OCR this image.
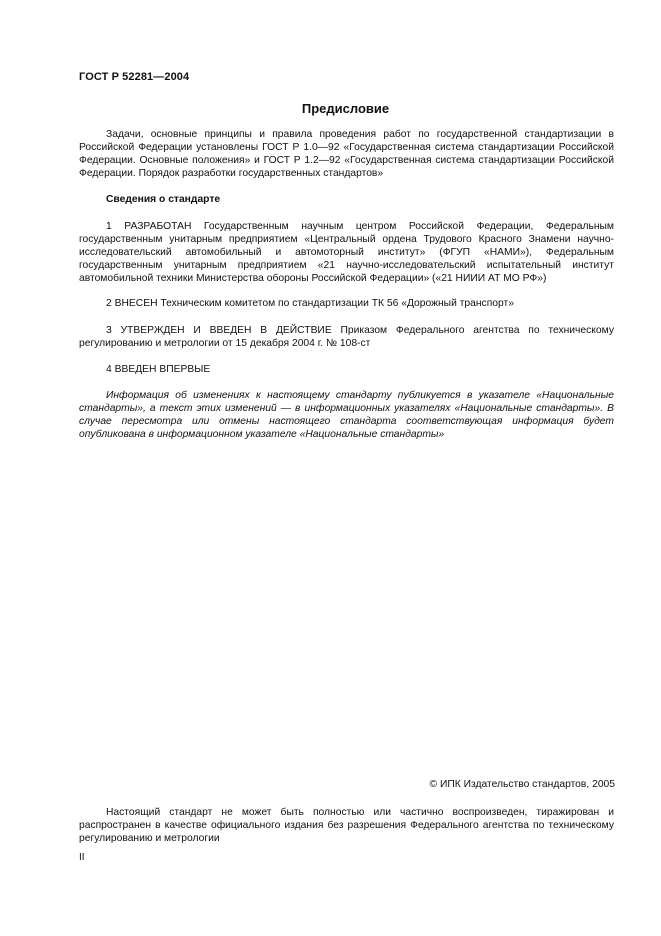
ГОСТ Р 52281—2004
Предисловие

Задачи, основные принципы и правила проведения работ по государственной стандартизации в Российской Федерации установлены ГОСТ Р 1.0—92 «Государственная система стандартизации Российской Федерации. Основные положения» и ГОСТ Р 1.2—92 «Государственная система стандартизации Российской Федерации. Порядок разработки государственных стандартов»

Сведения о стандарте

1 РАЗРАБОТАН Государственным научным центром Российской Федерации, Федеральным государственным унитарным предприятием «Центральный ордена Трудового Красного Знамени научно-исследовательский автомобильный и автомоторный институт» (ФГУП «НАМИ»), Федеральным государственным унитарным предприятием «21 научно-исследовательский испытательный институт автомобильной техники Министерства обороны Российской Федерации» («21 НИИИ АТ МО РФ»)

2 ВНЕСЕН Техническим комитетом по стандартизации ТК 56 «Дорожный транспорт»

3 УТВЕРЖДЕН И ВВЕДЕН В ДЕЙСТВИЕ Приказом Федерального агентства по техническому регулированию и метрологии от 15 декабря 2004 г. № 108-ст

4 ВВЕДЕН ВПЕРВЫЕ

Информация об изменениях к настоящему стандарту публикуется в указателе «Национальные стандарты», а текст этих изменений — в информационных указателях «Национальные стандарты». В случае пересмотра или отмены настоящего стандарта соответствующая информация будет опубликована в информационном указателе «Национальные стандарты»

© ИПК Издательство стандартов, 2005

Настоящий стандарт не может быть полностью или частично воспроизведен, тиражирован и распространен в качестве официального издания без разрешения Федерального агентства по техническому регулированию и метрологии

II
